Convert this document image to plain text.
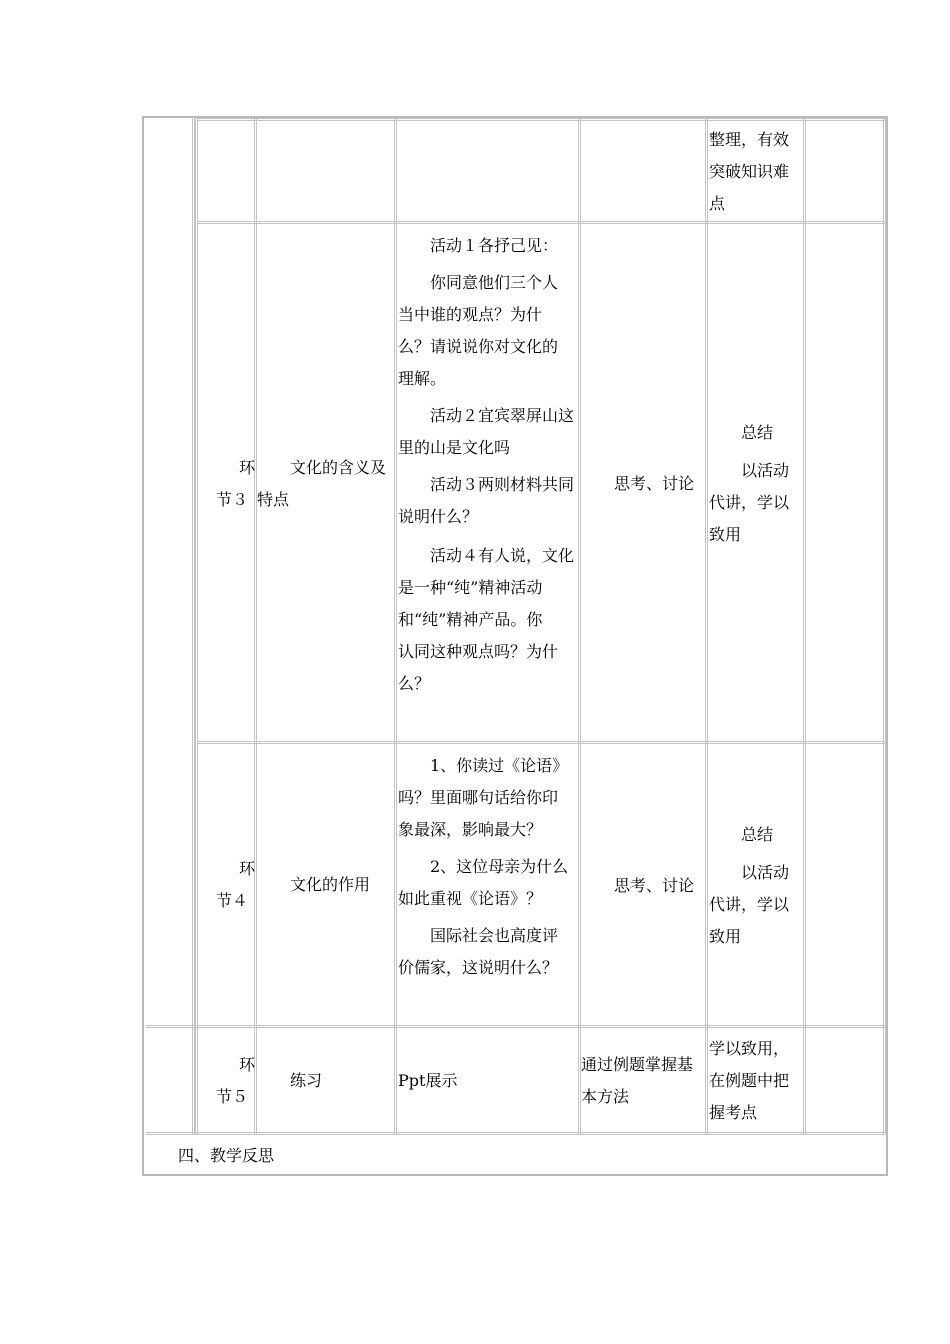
整理，有效
突破知识难
点
环
节３
文化的含义及
特点
活动１各抒己见：
你同意他们三个人
当中谁的观点？为什
么？请说说你对文化的
理解。
活动２宜宾翠屏山这
里的山是文化吗
活动３两则材料共同
说明什么？
活动４有人说，文化
是一种“纯”精神活动
和“纯”精神产品。你
认同这种观点吗？为什
么？
思考、讨论
总结
以活动
代讲，学以
致用
环
节４
文化的作用
1、你读过《论语》
吗？里面哪句话给你印
象最深，影响最大？
2、这位母亲为什么
如此重视《论语》？
国际社会也高度评
价儒家，这说明什么？
思考、讨论
总结
以活动
代讲，学以
致用
环
节５
练习	Ppt展示
通过例题掌握基
本方法
学以致用，
在例题中把
握考点
四、教学反思
